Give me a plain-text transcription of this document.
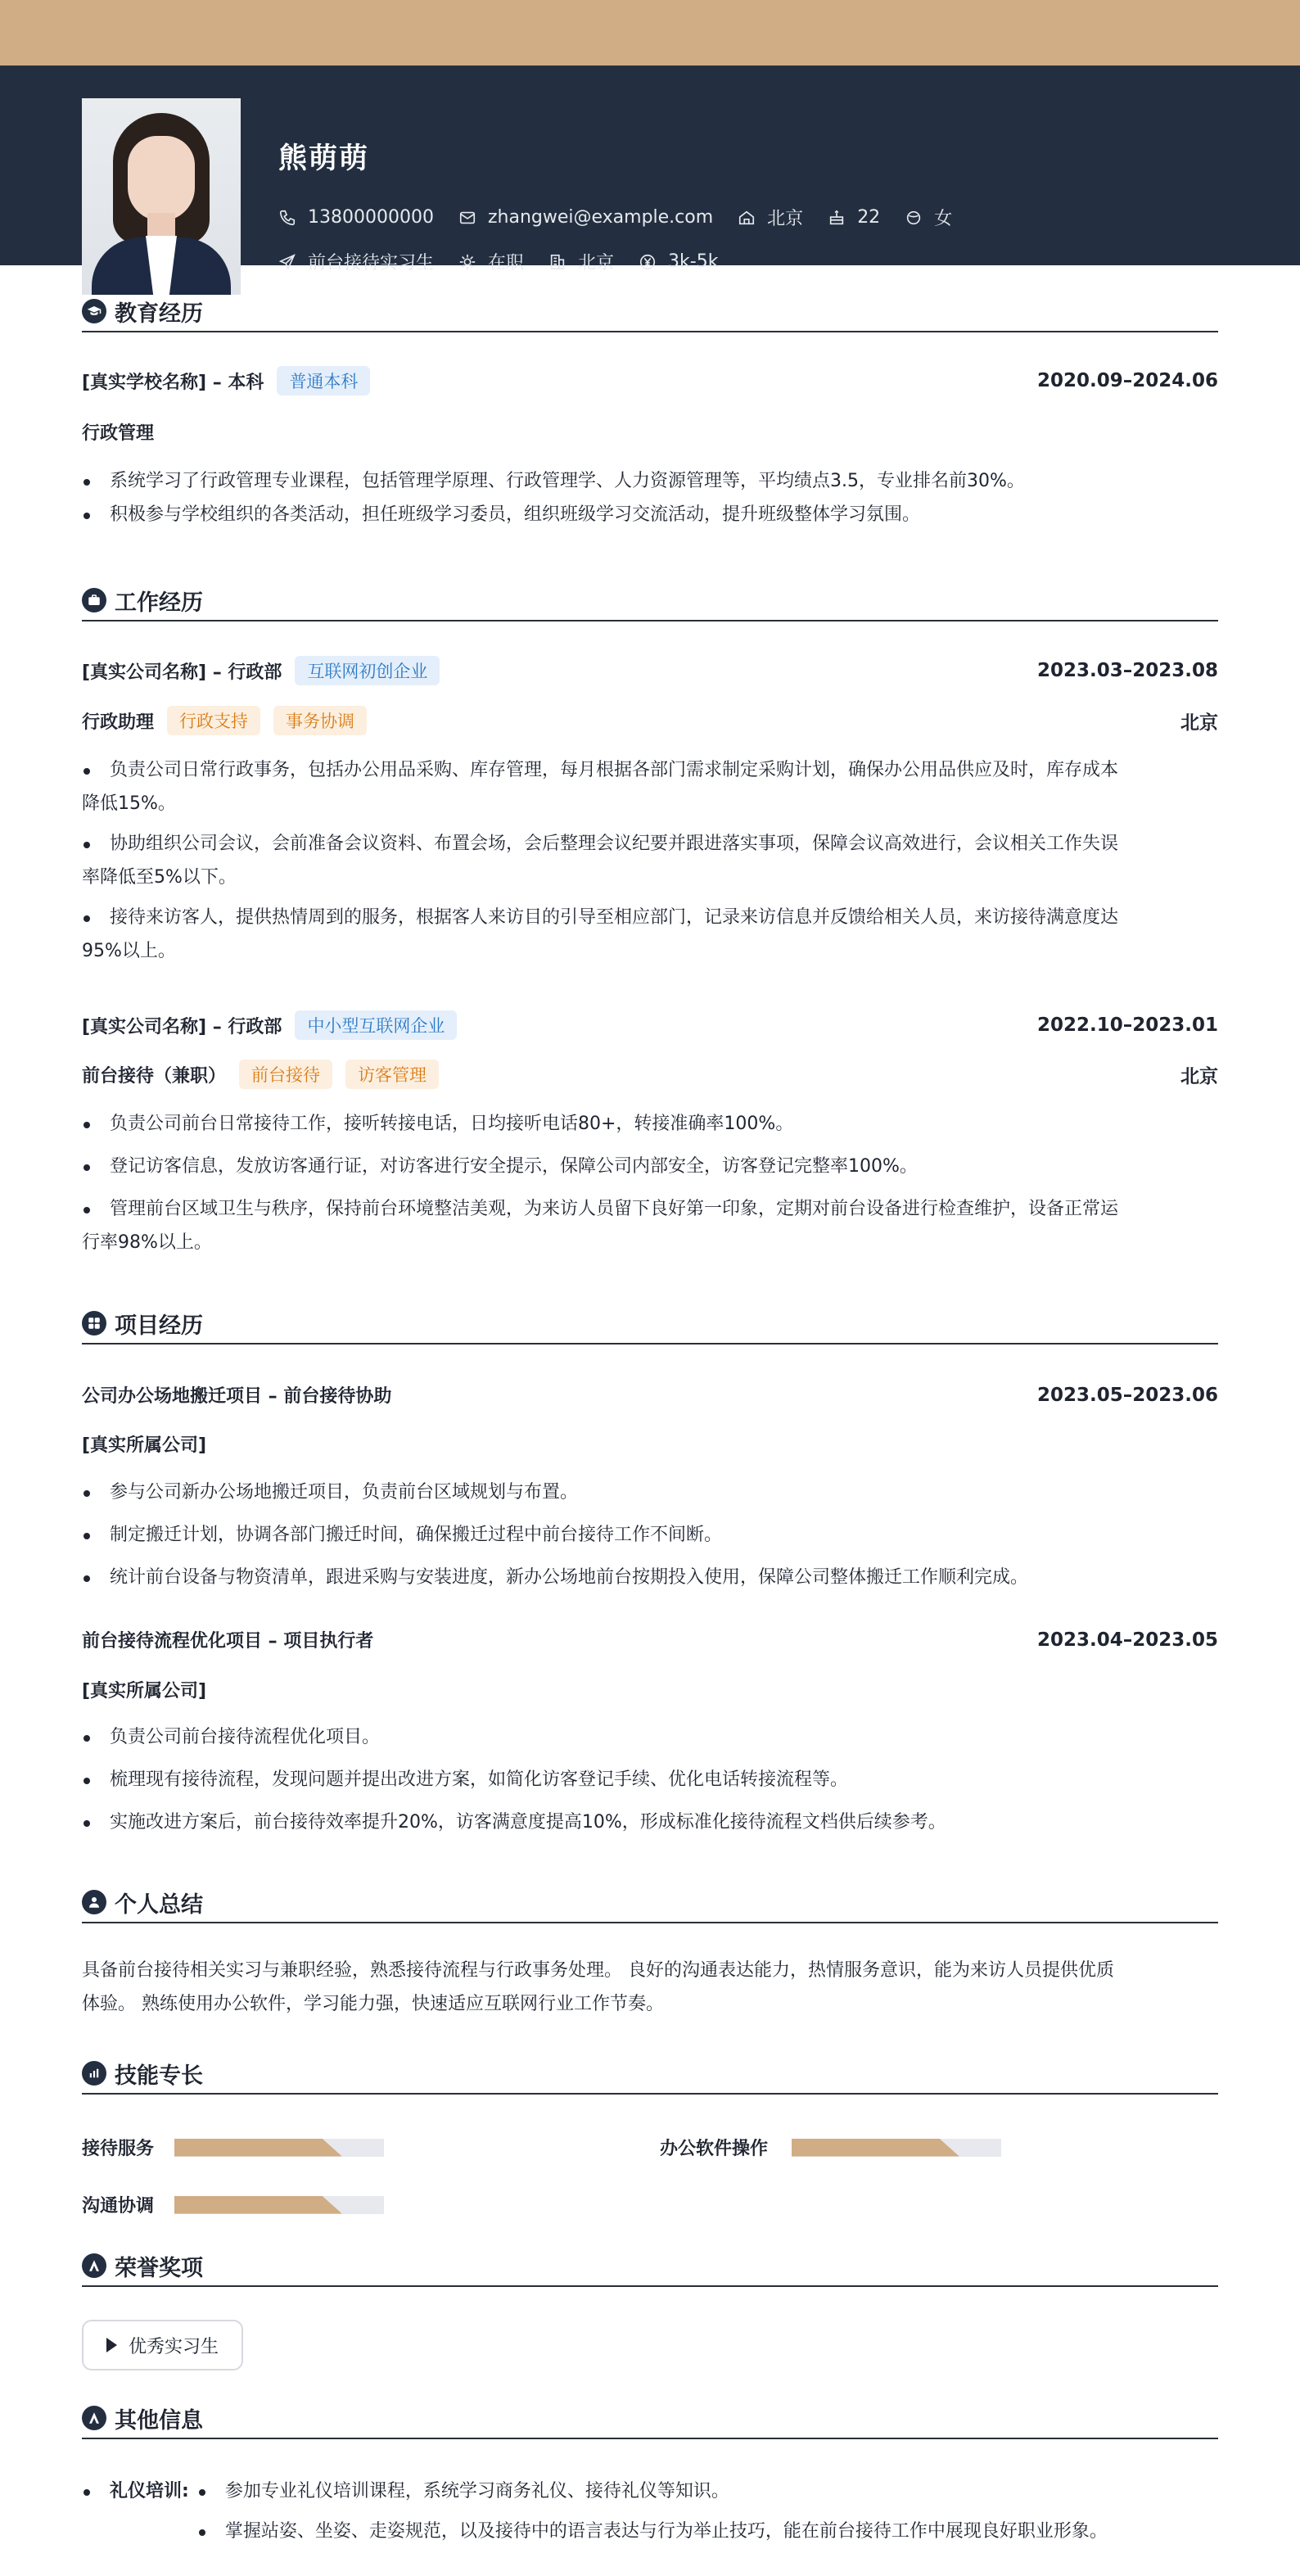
熊萌萌
13800000000	zhangwei@example.com	北京	22	女
前台接待实习生	在职	北京	3k-5k
教育经历
[真实学校名称] – 本科	普通本科	2020.09–2024.06
行政管理
系统学习了行政管理专业课程，包括管理学原理、行政管理学、人力资源管理等，平均绩点3.5，专业排名前30%。
积极参与学校组织的各类活动，担任班级学习委员，组织班级学习交流活动，提升班级整体学习氛围。
工作经历
[真实公司名称] – 行政部	互联网初创企业	2023.03–2023.08
行政助理	行政支持	事务协调	北京
负责公司日常行政事务，包括办公用品采购、库存管理，每月根据各部门需求制定采购计划，确保办公用品供应及时，库存成本
降低15%。
协助组织公司会议，会前准备会议资料、布置会场，会后整理会议纪要并跟进落实事项，保障会议高效进行，会议相关工作失误
率降低至5%以下。
接待来访客人，提供热情周到的服务，根据客人来访目的引导至相应部门，记录来访信息并反馈给相关人员，来访接待满意度达
95%以上。
[真实公司名称] – 行政部	中小型互联网企业	2022.10–2023.01
前台接待（兼职）	前台接待	访客管理	北京
负责公司前台日常接待工作，接听转接电话，日均接听电话80+，转接准确率100%。
登记访客信息，发放访客通行证，对访客进行安全提示，保障公司内部安全，访客登记完整率100%。
管理前台区域卫生与秩序，保持前台环境整洁美观，为来访人员留下良好第一印象，定期对前台设备进行检查维护，设备正常运
行率98%以上。
项目经历
公司办公场地搬迁项目 – 前台接待协助	2023.05–2023.06
[真实所属公司]
参与公司新办公场地搬迁项目，负责前台区域规划与布置。
制定搬迁计划，协调各部门搬迁时间，确保搬迁过程中前台接待工作不间断。
统计前台设备与物资清单，跟进采购与安装进度，新办公场地前台按期投入使用，保障公司整体搬迁工作顺利完成。
前台接待流程优化项目 – 项目执行者	2023.04–2023.05
[真实所属公司]
负责公司前台接待流程优化项目。
梳理现有接待流程，发现问题并提出改进方案，如简化访客登记手续、优化电话转接流程等。
实施改进方案后，前台接待效率提升20%，访客满意度提高10%，形成标准化接待流程文档供后续参考。
个人总结
具备前台接待相关实习与兼职经验，熟悉接待流程与行政事务处理。 良好的沟通表达能力，热情服务意识，能为来访人员提供优质
体验。 熟练使用办公软件，学习能力强，快速适应互联网行业工作节奏。
技能专长
接待服务	办公软件操作
沟通协调
荣誉奖项
优秀实习生
其他信息
礼仪培训:	参加专业礼仪培训课程，系统学习商务礼仪、接待礼仪等知识。
掌握站姿、坐姿、走姿规范，以及接待中的语言表达与行为举止技巧，能在前台接待工作中展现良好职业形象。
